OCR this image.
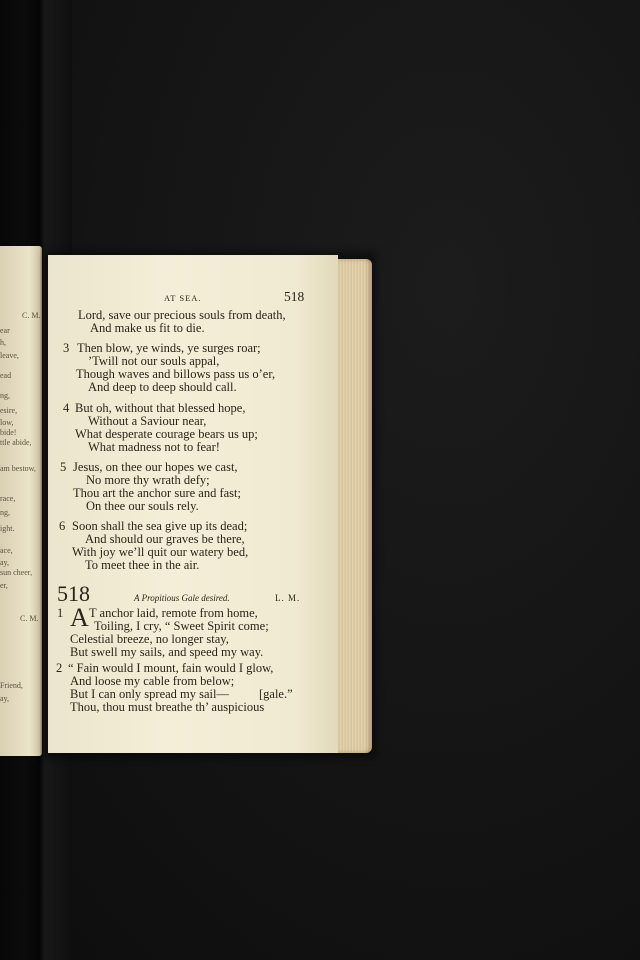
C. M.
ear
h,
leave,
ead
ng,
esire,
low,
bide!
ttle abide,
am bestow,
race,
ng,
ight.
ace,
ay,
er,
sun cheer,
C. M.
Friend,
ay,
AT SEA.	518
Lord, save our precious souls from death,
And make us fit to die.
3 Then blow, ye winds, ye surges roar;
’Twill not our souls appal,
Though waves and billows pass us o’er,
And deep to deep should call.
4 But oh, without that blessed hope,
Without a Saviour near,
What desperate courage bears us up;
What madness not to fear!
5 Jesus, on thee our hopes we cast,
No more thy wrath defy;
Thou art the anchor sure and fast;
On thee our souls rely.
6 Soon shall the sea give up its dead;
And should our graves be there,
With joy we’ll quit our watery bed,
To meet thee in the air.
518	A Propitious Gale desired.	L. M.
1 A T anchor laid, remote from home,
Toiling, I cry, “ Sweet Spirit come;
Celestial breeze, no longer stay,
But swell my sails, and speed my way.
2 “ Fain would I mount, fain would I glow,
And loose my cable from below;
But I can only spread my sail— [gale.”
Thou, thou must breathe th’ auspicious
